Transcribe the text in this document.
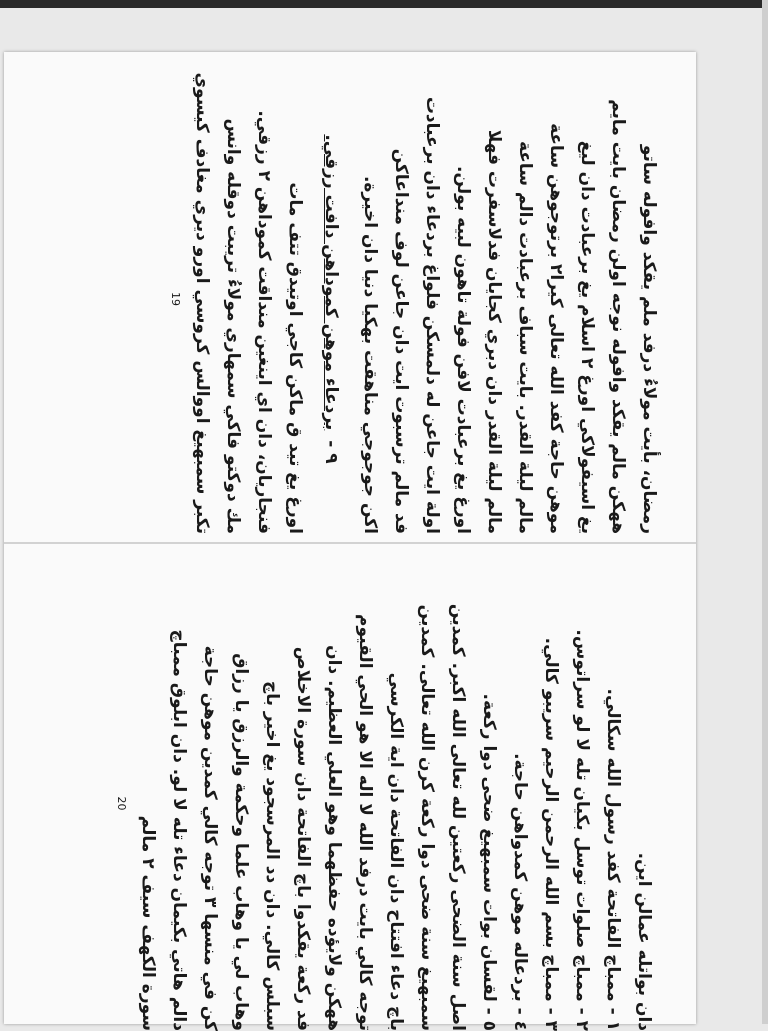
رمضان، بأيت مولاءُ درفد ملم يقكد وافوله ساتو
ههكن مالم يقكد وافوله نوجه اولن رمضان بايت مايم
يغ اسيفولاكي اورغ ٢ اسلام يغ برعبادت دان ليغ
موهن حاجة كفد الله تعالى كيرا٢ برتوجوهن ساعة
مالم ليلة القدر. بايت سباف برعبادت دالم ساعة
مالم ليلة القدر دان دبري كجايان فدلاسفرت فهلا
اورغ يغ برعبادت لافن فولة تاهون لبيه بولن.
اولة ايت جاعن له دلمسكن فلواغ بردعاء دان برعبادت
فد مالم ترسبوت ايت دان جاعن لوف منداعاكن
اكن جوجوجي مناهقت بهكيا دنيا دان اخيرة.
٩ -بردعاء موهن كموداهن دافت رزقي.
اورغ يغ تيد ق ماكن كاجي اوتيدق تتف مات
فنجاريان، دان اي اينغين منداقت كموداهن ٢ رزقي.
مك دوكتو فاكي سمهاري مولاءُ تريبت دوقله وانس
تكبر سمبهيغ اووالس كروسي اورو ديري مغادف كيسوي
19
دان بواتله عمالن اين.
١ - ممباچ الفاتحة كفد رسول الله سكالي.
٢ - ممباچ صلوات توسل بكيان تله لا لو سراتوس.
٣ - ممباچ بسم الله الرحمن الرحيم سريبو كالي.
٤ - بردعاله موهن كمدواهن حاجة.
٥ - لقسان بوات سمبهيغ ضحى دوا ركعة.
اصل سنة الضحى ركعتين لله تعالى الله اكبر. كمدين
سمبهيغ سنة ضحى دوا ركعة كرن الله تعالى. كمدين
باچ دعاء افتتاح دان الفاتحة دان اية الكرسي
توجه كالي بايت درفد الله لا اله الا هو الحي القيوم
ههكن ولايؤده حفظهما وهو العلي العظيم. دان
فد ركعة يقكدوا باچ الفاتحة دان سورة الاخلاص
سبلس كالي. دان دد المرسجود يغ اخير باچ
وهاب لي يا وهاب علما وحكمة والرزق يا رزاق
كن في منسها ٣ توجه كالي كمدين موهن حاجة
دالم هاتي بكيمان دعاء تله لا لو. دان ابلوق ممباچ
سورة الكهف سيف ٢ مالم
20
